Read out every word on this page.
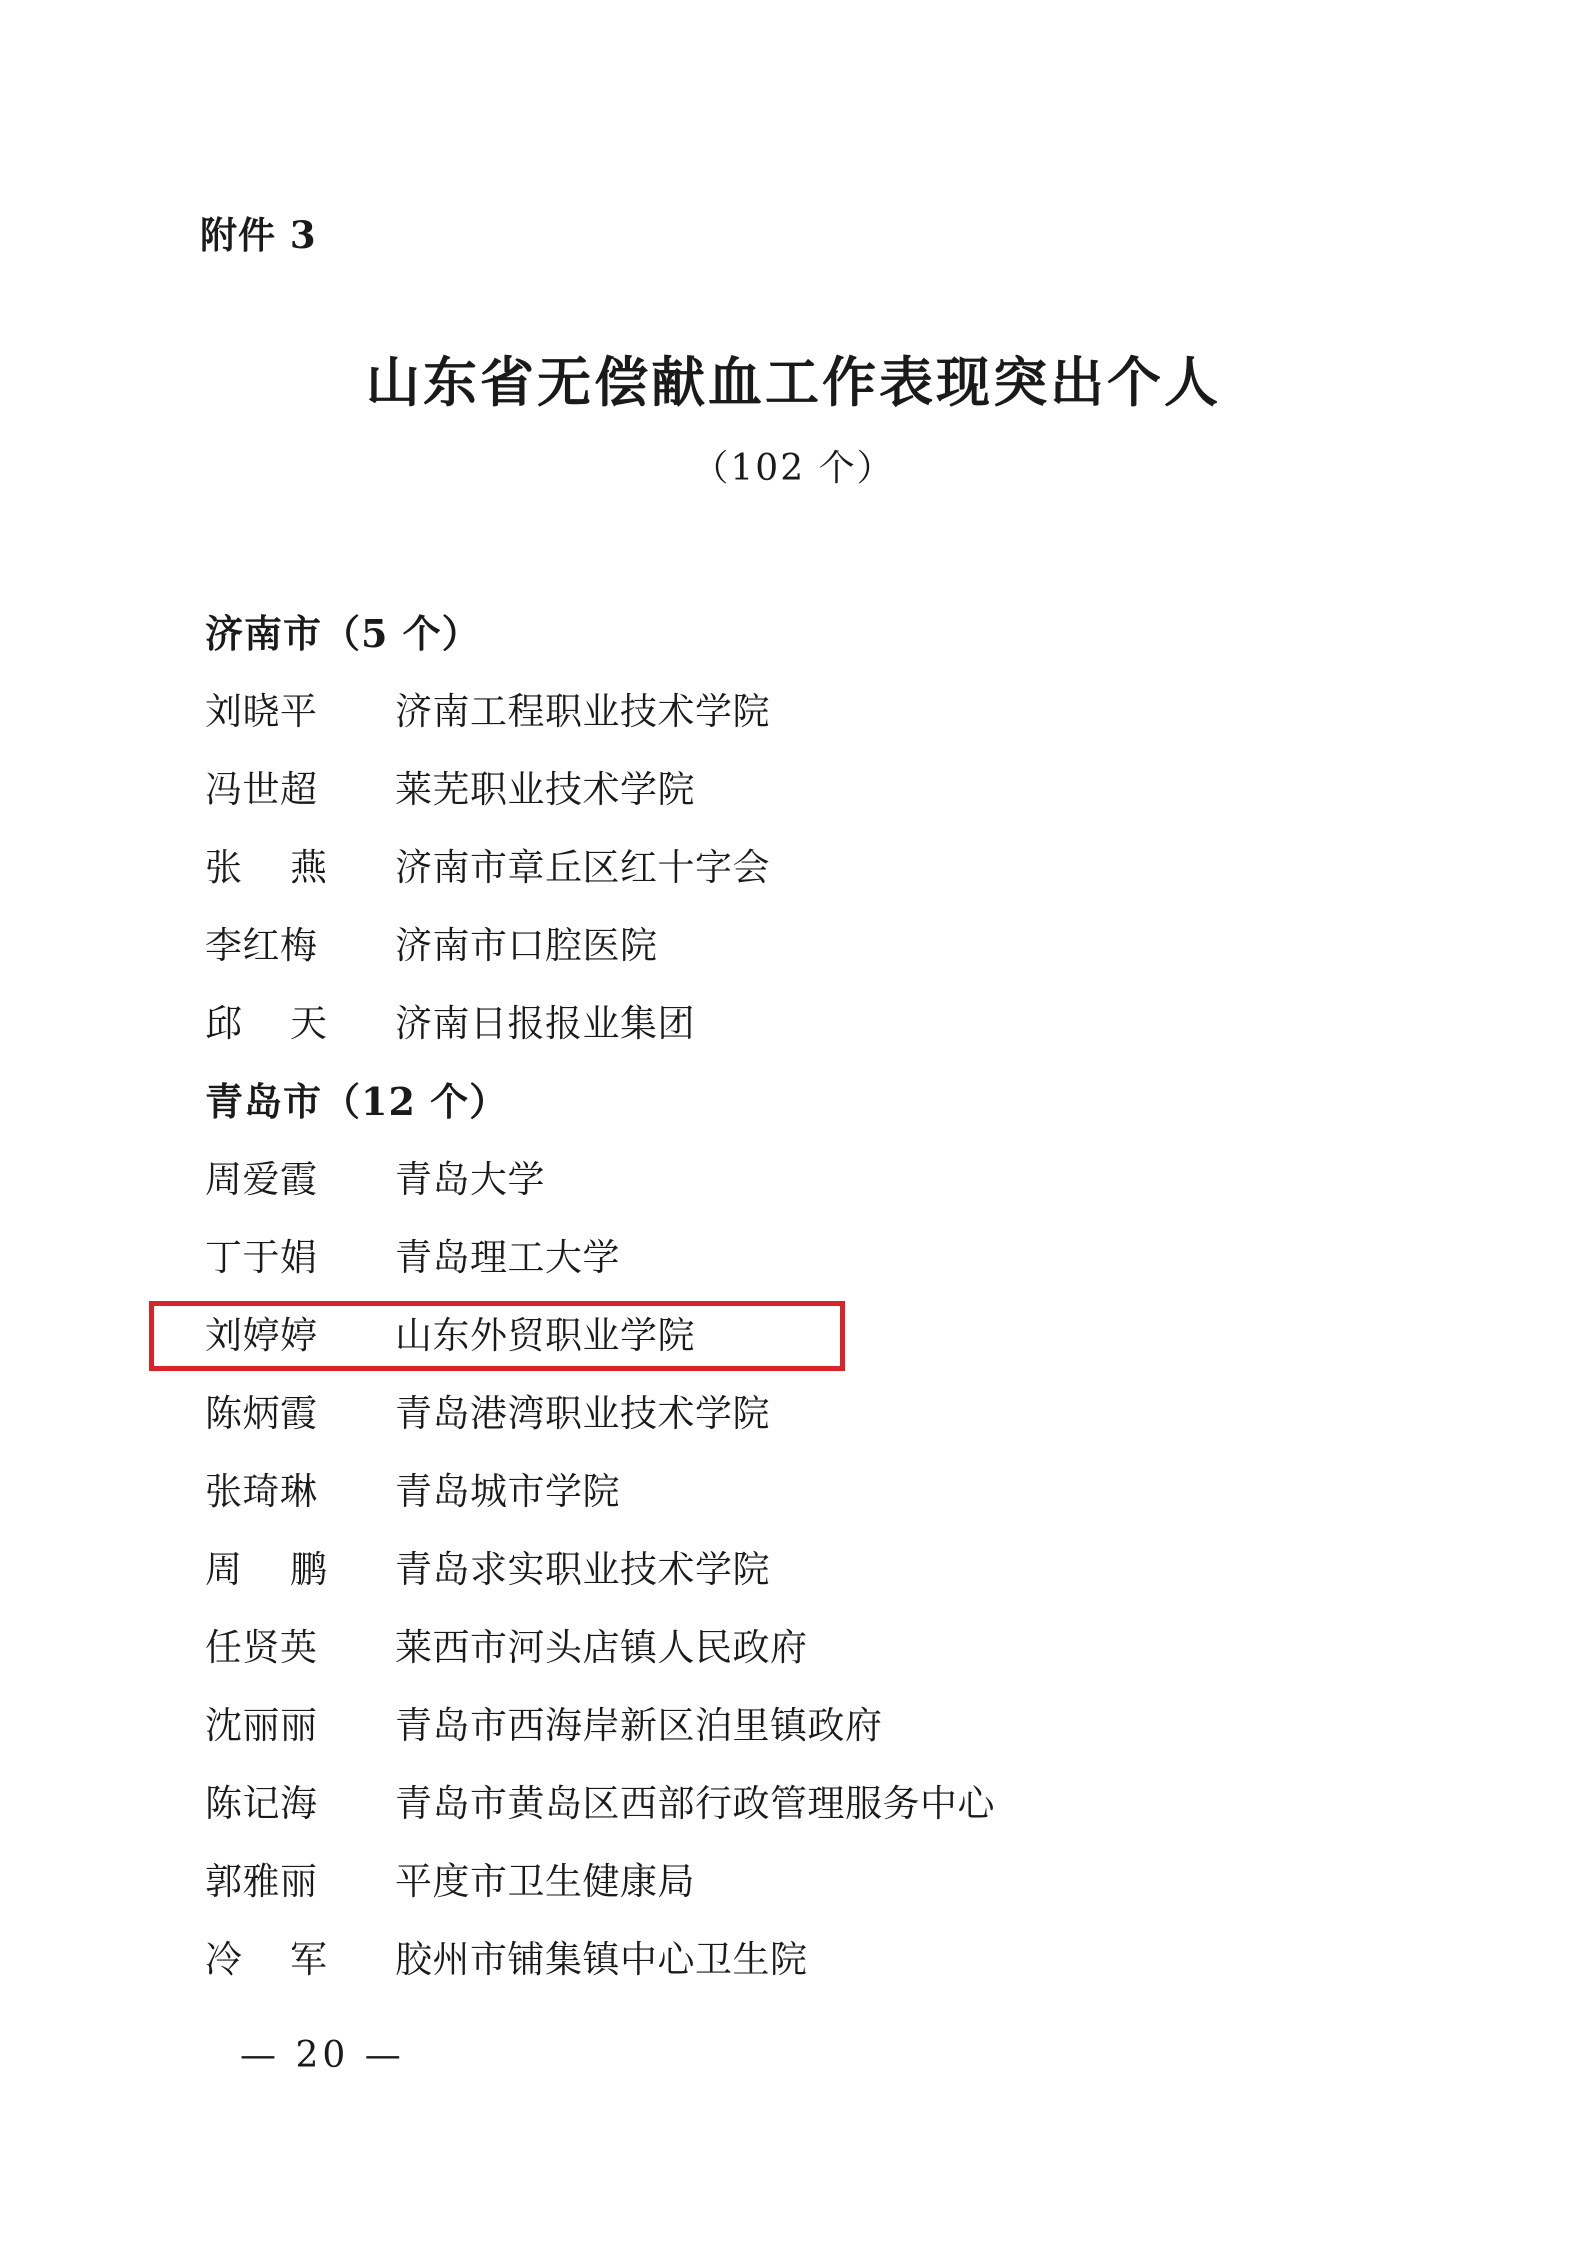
附件 3
山东省无偿献血工作表现突出个人
（102 个）
济南市（5 个）
刘晓平	济南工程职业技术学院
冯世超	莱芜职业技术学院
张燕 济南市章丘区红十字会
李红梅	济南市口腔医院
邱天 济南日报报业集团
青岛市（12 个）
周爱霞	青岛大学
丁于娟	青岛理工大学
刘婷婷	山东外贸职业学院
陈炳霞	青岛港湾职业技术学院
张琦琳	青岛城市学院
周鹏 青岛求实职业技术学院
任贤英	莱西市河头店镇人民政府
沈丽丽	青岛市西海岸新区泊里镇政府
陈记海	青岛市黄岛区西部行政管理服务中心
郭雅丽	平度市卫生健康局
冷军 胶州市铺集镇中心卫生院
— 20 —
